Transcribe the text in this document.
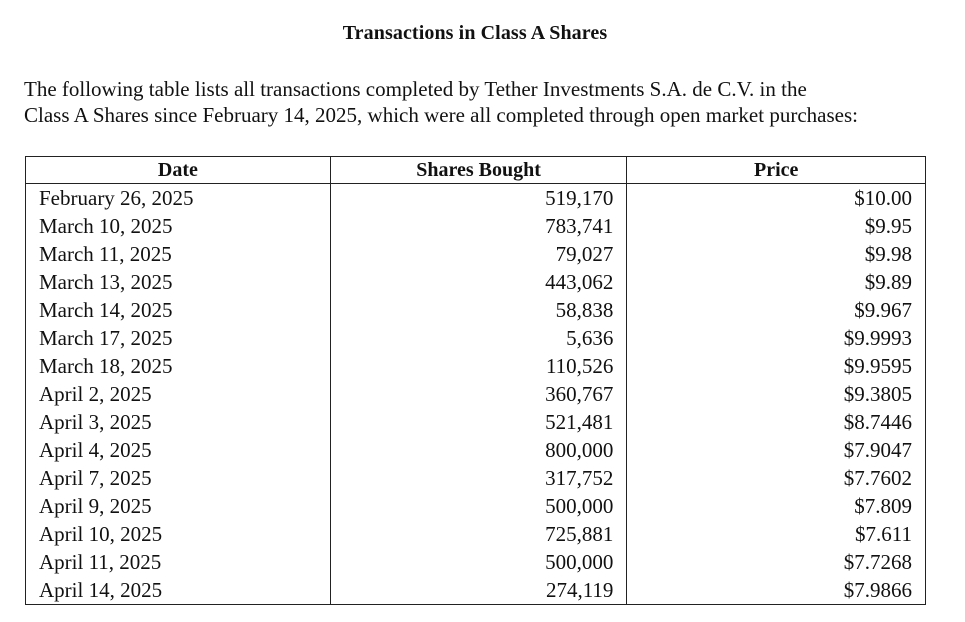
Transactions in Class A Shares
The following table lists all transactions completed by Tether Investments S.A. de C.V. in the
Class A Shares since February 14, 2025, which were all completed through open market purchases:
Date	Shares Bought	Price
February 26, 2025	519,170	$10.00
March 10, 2025	783,741	$9.95
March 11, 2025	79,027	$9.98
March 13, 2025	443,062	$9.89
March 14, 2025	58,838	$9.967
March 17, 2025	5,636	$9.9993
March 18, 2025	110,526	$9.9595
April 2, 2025	360,767	$9.3805
April 3, 2025	521,481	$8.7446
April 4, 2025	800,000	$7.9047
April 7, 2025	317,752	$7.7602
April 9, 2025	500,000	$7.809
April 10, 2025	725,881	$7.611
April 11, 2025	500,000	$7.7268
April 14, 2025	274,119	$7.9866
